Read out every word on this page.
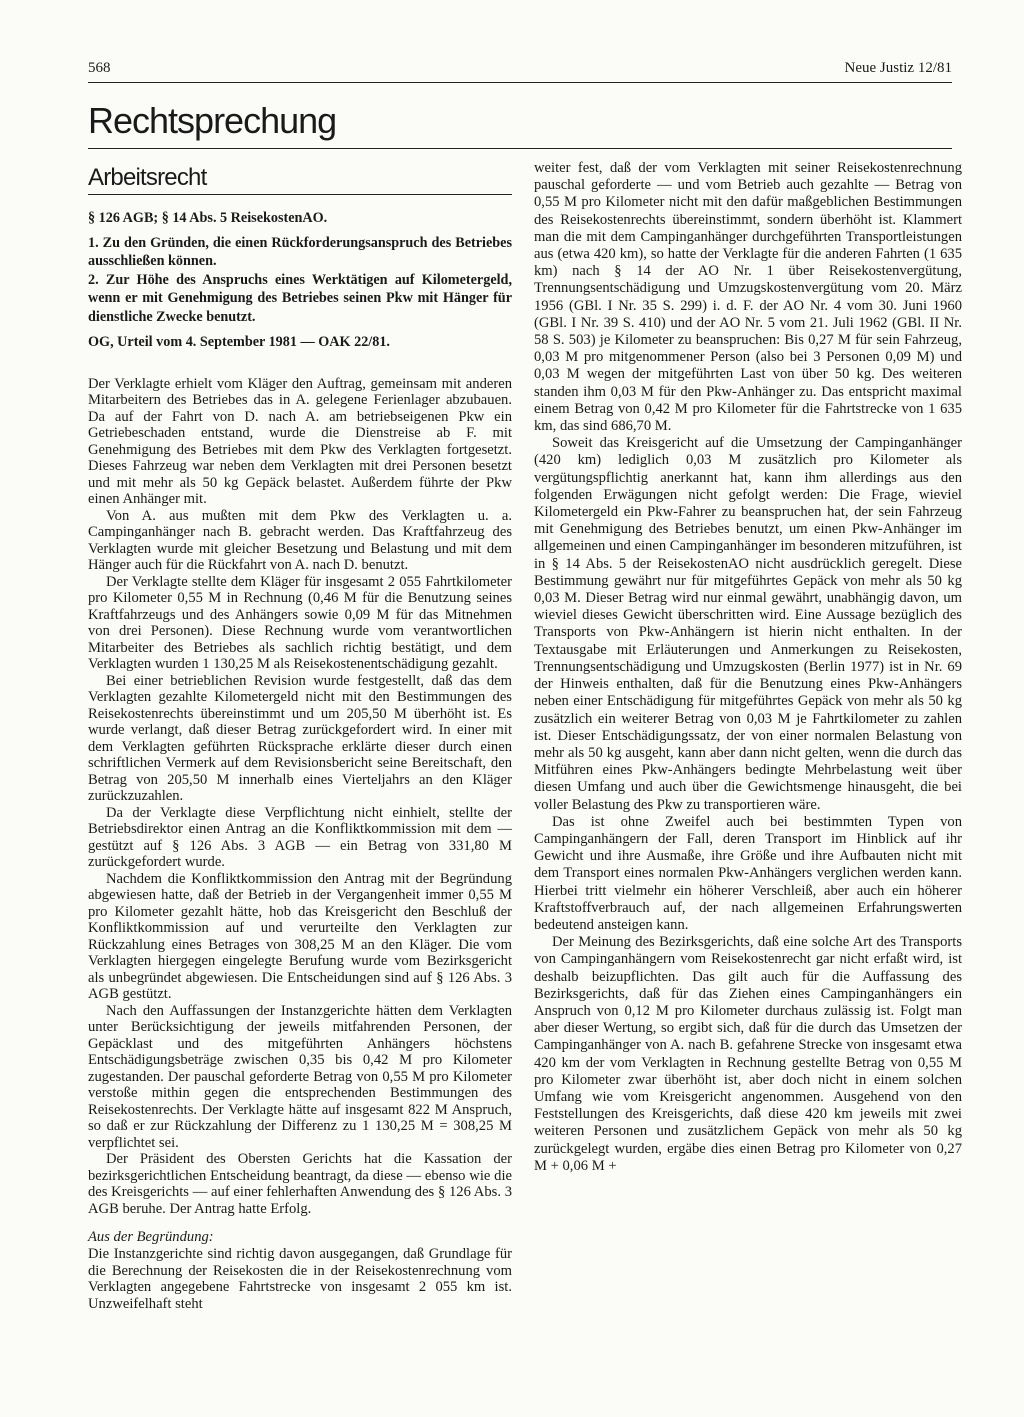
568	Neue Justiz 12/81
Rechtsprechung
Arbeitsrecht

§ 126 AGB; § 14 Abs. 5 ReisekostenAO.

1. Zu den Gründen, die einen Rückforderungsanspruch des Betriebes ausschließen können.

2. Zur Höhe des Anspruchs eines Werktätigen auf Kilometergeld, wenn er mit Genehmigung des Betriebes seinen Pkw mit Hänger für dienstliche Zwecke benutzt.

OG, Urteil vom 4. September 1981 — OAK 22/81.

Der Verklagte erhielt vom Kläger den Auftrag, gemeinsam mit anderen Mitarbeitern des Betriebes das in A. gelegene Ferienlager abzubauen. Da auf der Fahrt von D. nach A. am betriebseigenen Pkw ein Getriebeschaden entstand, wurde die Dienstreise ab F. mit Genehmigung des Betriebes mit dem Pkw des Verklagten fortgesetzt. Dieses Fahrzeug war neben dem Verklagten mit drei Personen besetzt und mit mehr als 50 kg Gepäck belastet. Außerdem führte der Pkw einen Anhänger mit.

Von A. aus mußten mit dem Pkw des Verklagten u. a. Campinganhänger nach B. gebracht werden. Das Kraftfahrzeug des Verklagten wurde mit gleicher Besetzung und Belastung und mit dem Hänger auch für die Rückfahrt von A. nach D. benutzt.

Der Verklagte stellte dem Kläger für insgesamt 2 055 Fahrtkilometer pro Kilometer 0,55 M in Rechnung (0,46 M für die Benutzung seines Kraftfahrzeugs und des Anhängers sowie 0,09 M für das Mitnehmen von drei Personen). Diese Rechnung wurde vom verantwortlichen Mitarbeiter des Betriebes als sachlich richtig bestätigt, und dem Verklagten wurden 1 130,25 M als Reisekostenentschädigung gezahlt.

Bei einer betrieblichen Revision wurde festgestellt, daß das dem Verklagten gezahlte Kilometergeld nicht mit den Bestimmungen des Reisekostenrechts übereinstimmt und um 205,50 M überhöht ist. Es wurde verlangt, daß dieser Betrag zurückgefordert wird. In einer mit dem Verklagten geführten Rücksprache erklärte dieser durch einen schriftlichen Vermerk auf dem Revisionsbericht seine Bereitschaft, den Betrag von 205,50 M innerhalb eines Vierteljahrs an den Kläger zurückzuzahlen.

Da der Verklagte diese Verpflichtung nicht einhielt, stellte der Betriebsdirektor einen Antrag an die Konfliktkommission mit dem — gestützt auf § 126 Abs. 3 AGB — ein Betrag von 331,80 M zurückgefordert wurde.

Nachdem die Konfliktkommission den Antrag mit der Begründung abgewiesen hatte, daß der Betrieb in der Vergangenheit immer 0,55 M pro Kilometer gezahlt hätte, hob das Kreisgericht den Beschluß der Konfliktkommission auf und verurteilte den Verklagten zur Rückzahlung eines Betrages von 308,25 M an den Kläger. Die vom Verklagten hiergegen eingelegte Berufung wurde vom Bezirksgericht als unbegründet abgewiesen. Die Entscheidungen sind auf § 126 Abs. 3 AGB gestützt.

Nach den Auffassungen der Instanzgerichte hätten dem Verklagten unter Berücksichtigung der jeweils mitfahrenden Personen, der Gepäcklast und des mitgeführten Anhängers höchstens Entschädigungsbeträge zwischen 0,35 bis 0,42 M pro Kilometer zugestanden. Der pauschal geforderte Betrag von 0,55 M pro Kilometer verstoße mithin gegen die entsprechenden Bestimmungen des Reisekostenrechts. Der Verklagte hätte auf insgesamt 822 M Anspruch, so daß er zur Rückzahlung der Differenz zu 1 130,25 M = 308,25 M verpflichtet sei.

Der Präsident des Obersten Gerichts hat die Kassation der bezirksgerichtlichen Entscheidung beantragt, da diese — ebenso wie die des Kreisgerichts — auf einer fehlerhaften Anwendung des § 126 Abs. 3 AGB beruhe. Der Antrag hatte Erfolg.

Aus der Begründung:

Die Instanzgerichte sind richtig davon ausgegangen, daß Grundlage für die Berechnung der Reisekosten die in der Reisekostenrechnung vom Verklagten angegebene Fahrtstrecke von insgesamt 2 055 km ist. Unzweifelhaft steht

weiter fest, daß der vom Verklagten mit seiner Reisekostenrechnung pauschal geforderte — und vom Betrieb auch gezahlte — Betrag von 0,55 M pro Kilometer nicht mit den dafür maßgeblichen Bestimmungen des Reisekostenrechts übereinstimmt, sondern überhöht ist. Klammert man die mit dem Campinganhänger durchgeführten Transportleistungen aus (etwa 420 km), so hatte der Verklagte für die anderen Fahrten (1 635 km) nach § 14 der AO Nr. 1 über Reisekostenvergütung, Trennungsentschädigung und Umzugskostenvergütung vom 20. März 1956 (GBl. I Nr. 35 S. 299) i. d. F. der AO Nr. 4 vom 30. Juni 1960 (GBl. I Nr. 39 S. 410) und der AO Nr. 5 vom 21. Juli 1962 (GBl. II Nr. 58 S. 503) je Kilometer zu beanspruchen: Bis 0,27 M für sein Fahrzeug, 0,03 M pro mitgenommener Person (also bei 3 Personen 0,09 M) und 0,03 M wegen der mitgeführten Last von über 50 kg. Des weiteren standen ihm 0,03 M für den Pkw-Anhänger zu. Das entspricht maximal einem Betrag von 0,42 M pro Kilometer für die Fahrtstrecke von 1 635 km, das sind 686,70 M.

Soweit das Kreisgericht auf die Umsetzung der Campinganhänger (420 km) lediglich 0,03 M zusätzlich pro Kilometer als vergütungspflichtig anerkannt hat, kann ihm allerdings aus den folgenden Erwägungen nicht gefolgt werden: Die Frage, wieviel Kilometergeld ein Pkw-Fahrer zu beanspruchen hat, der sein Fahrzeug mit Genehmigung des Betriebes benutzt, um einen Pkw-Anhänger im allgemeinen und einen Campinganhänger im besonderen mitzuführen, ist in § 14 Abs. 5 der ReisekostenAO nicht ausdrücklich geregelt. Diese Bestimmung gewährt nur für mitgeführtes Gepäck von mehr als 50 kg 0,03 M. Dieser Betrag wird nur einmal gewährt, unabhängig davon, um wieviel dieses Gewicht überschritten wird. Eine Aussage bezüglich des Transports von Pkw-Anhängern ist hierin nicht enthalten. In der Textausgabe mit Erläuterungen und Anmerkungen zu Reisekosten, Trennungsentschädigung und Umzugskosten (Berlin 1977) ist in Nr. 69 der Hinweis enthalten, daß für die Benutzung eines Pkw-Anhängers neben einer Entschädigung für mitgeführtes Gepäck von mehr als 50 kg zusätzlich ein weiterer Betrag von 0,03 M je Fahrtkilometer zu zahlen ist. Dieser Entschädigungssatz, der von einer normalen Belastung von mehr als 50 kg ausgeht, kann aber dann nicht gelten, wenn die durch das Mitführen eines Pkw-Anhängers bedingte Mehrbelastung weit über diesen Umfang und auch über die Gewichtsmenge hinausgeht, die bei voller Belastung des Pkw zu transportieren wäre.

Das ist ohne Zweifel auch bei bestimmten Typen von Campinganhängern der Fall, deren Transport im Hinblick auf ihr Gewicht und ihre Ausmaße, ihre Größe und ihre Aufbauten nicht mit dem Transport eines normalen Pkw-Anhängers verglichen werden kann. Hierbei tritt vielmehr ein höherer Verschleiß, aber auch ein höherer Kraftstoffverbrauch auf, der nach allgemeinen Erfahrungswerten bedeutend ansteigen kann.

Der Meinung des Bezirksgerichts, daß eine solche Art des Transports von Campinganhängern vom Reisekostenrecht gar nicht erfaßt wird, ist deshalb beizupflichten. Das gilt auch für die Auffassung des Bezirksgerichts, daß für das Ziehen eines Campinganhängers ein Anspruch von 0,12 M pro Kilometer durchaus zulässig ist. Folgt man aber dieser Wertung, so ergibt sich, daß für die durch das Umsetzen der Campinganhänger von A. nach B. gefahrene Strecke von insgesamt etwa 420 km der vom Verklagten in Rechnung gestellte Betrag von 0,55 M pro Kilometer zwar überhöht ist, aber doch nicht in einem solchen Umfang wie vom Kreisgericht angenommen. Ausgehend von den Feststellungen des Kreisgerichts, daß diese 420 km jeweils mit zwei weiteren Personen und zusätzlichem Gepäck von mehr als 50 kg zurückgelegt wurden, ergäbe dies einen Betrag pro Kilometer von 0,27 M + 0,06 M +
